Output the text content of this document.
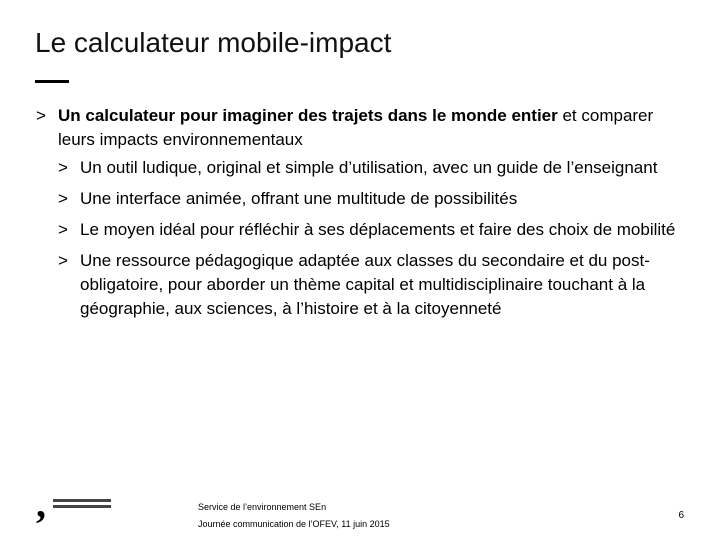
Le calculateur mobile-impact
> Un calculateur pour imaginer des trajets dans le monde entier et comparer leurs impacts environnementaux
> Un outil ludique, original et simple d’utilisation, avec un guide de l’enseignant
> Une interface animée, offrant une multitude de possibilités
> Le moyen idéal pour réfléchir à ses déplacements et faire des choix de mobilité
> Une ressource pédagogique adaptée aux classes du secondaire et du post-obligatoire, pour aborder un thème capital et multidisciplinaire touchant à la géographie, aux sciences, à l’histoire et à la citoyenneté
,	Service de l’environnement SEn
Journée communication de l’OFEV, 11 juin 2015
6
